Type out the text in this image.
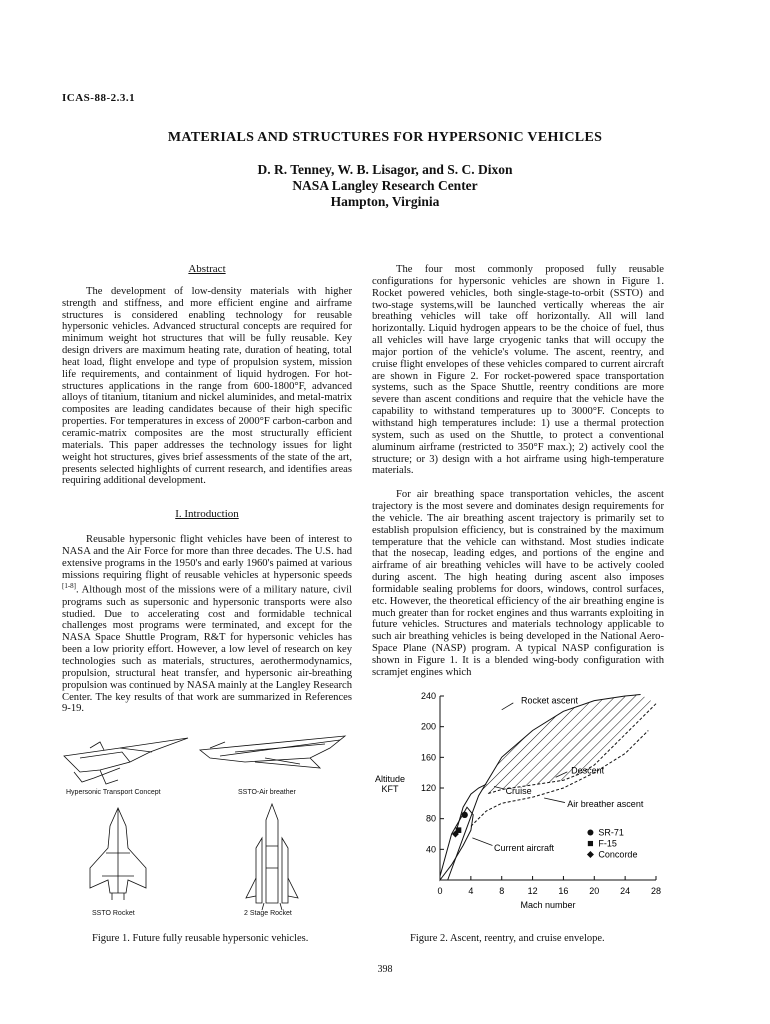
ICAS-88-2.3.1
MATERIALS AND STRUCTURES FOR HYPERSONIC VEHICLES
D. R. Tenney, W. B. Lisagor, and S. C. Dixon
NASA Langley Research Center
Hampton, Virginia
Abstract

The development of low-density materials with higher strength and stiffness, and more efficient engine and airframe structures is considered enabling technology for reusable hypersonic vehicles. Advanced structural concepts are required for minimum weight hot structures that will be fully reusable. Key design drivers are maximum heating rate, duration of heating, total heat load, flight envelope and type of propulsion system, mission life requirements, and containment of liquid hydrogen. For hot-structures applications in the range from 600-1800°F, advanced alloys of titanium, titanium and nickel aluminides, and metal-matrix composites are leading candidates because of their high specific properties. For temperatures in excess of 2000°F carbon-carbon and ceramic-matrix composites are the most structurally efficient materials. This paper addresses the technology issues for light weight hot structures, gives brief assessments of the state of the art, presents selected highlights of current research, and identifies areas requiring additional development.

I. Introduction

Reusable hypersonic flight vehicles have been of interest to NASA and the Air Force for more than three decades. The U.S. had extensive programs in the 1950's and early 1960's paimed at various missions requiring flight of reusable vehicles at hypersonic speeds [1-8]. Although most of the missions were of a military nature, civil programs such as supersonic and hypersonic transports were also studied. Due to accelerating cost and formidable technical challenges most programs were terminated, and except for the NASA Space Shuttle Program, R&T for hypersonic vehicles has been a low priority effort. However, a low level of research on key technologies such as materials, structures, aerothermodynamics, propulsion, structural heat transfer, and hypersonic air-breathing propulsion was continued by NASA mainly at the Langley Research Center. The key results of that work are summarized in References 9-19.

The four most commonly proposed fully reusable configurations for hypersonic vehicles are shown in Figure 1. Rocket powered vehicles, both single-stage-to-orbit (SSTO) and two-stage systems,will be launched vertically whereas the air breathing vehicles will take off horizontally. All will land horizontally. Liquid hydrogen appears to be the choice of fuel, thus all vehicles will have large cryogenic tanks that will occupy the major portion of the vehicle's volume. The ascent, reentry, and cruise flight envelopes of these vehicles compared to current aircraft are shown in Figure 2. For rocket-powered space transportation systems, such as the Space Shuttle, reentry conditions are more severe than ascent conditions and require that the vehicle have the capability to withstand temperatures up to 3000°F. Concepts to withstand high temperatures include: 1) use a thermal protection system, such as used on the Shuttle, to protect a conventional aluminum airframe (restricted to 350°F max.); 2) actively cool the structure; or 3) design with a hot airframe using high-temperature materials.

For air breathing space transportation vehicles, the ascent trajectory is the most severe and dominates design requirements for the vehicle. The air breathing ascent trajectory is primarily set to establish propulsion efficiency, but is constrained by the maximum temperature that the vehicle can withstand. Most studies indicate that the nosecap, leading edges, and portions of the engine and airframe of air breathing vehicles will have to be actively cooled during ascent. The high heating during ascent also imposes formidable sealing problems for doors, windows, control surfaces, etc. However, the theoretical efficiency of the air breathing engine is much greater than for rocket engines and thus warrants exploiting in future vehicles. Structures and materials technology applicable to such air breathing vehicles is being developed in the National Aero-Space Plane (NASP) program. A typical NASP configuration is shown in Figure 1. It is a blended wing-body configuration with scramjet engines which

Hypersonic Transport Concept	SSTO-Air breather
SSTO Rocket	2 Stage Rocket
Figure 1. Future fully reusable hypersonic vehicles.
0	4	8	12 16 20 24 28
40
80
120
160
200
240
Mach number
Altitude
KFT
Rocket ascent
Descent
Cruise
Air breather ascent
Current aircraft
SR-71
F-15
Concorde
Figure 2. Ascent, reentry, and cruise envelope.
398
